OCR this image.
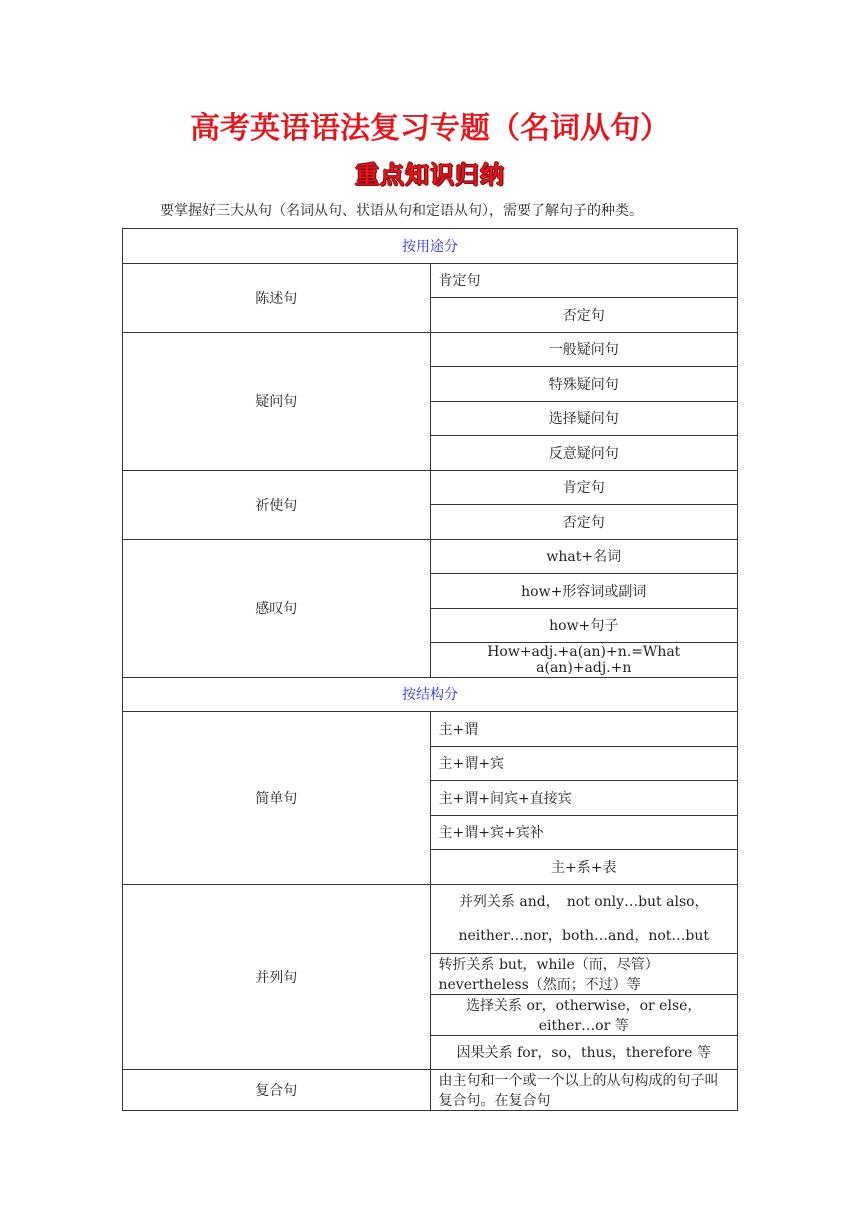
高考英语语法复习专题（名词从句）
重点知识归纳
要掌握好三大从句（名词从句、状语从句和定语从句），需要了解句子的种类。
按用途分	
陈述句	肯定句
	否定句
疑问句	一般疑问句
	特殊疑问句
	选择疑问句
	反意疑问句
祈使句	肯定句
	否定句
感叹句	what+名词
	how+形容词或副词
	how+句子
	How+adj.+a(an)+n.=What a(an)+adj.+n
按结构分	
简单句	主+谓
	主+谓+宾
	主+谓+间宾+直接宾
	主+谓+宾+宾补
	主+系+表
并列句	并列关系 and，　not only…but also，neither…nor，both…and，not…but
	转折关系 but，while（而，尽管）nevertheless（然而；不过）等
	选择关系 or，otherwise，or else，either…or 等
	因果关系 for，so，thus，therefore 等
复合句	由主句和一个或一个以上的从句构成的句子叫复合句。在复合句
